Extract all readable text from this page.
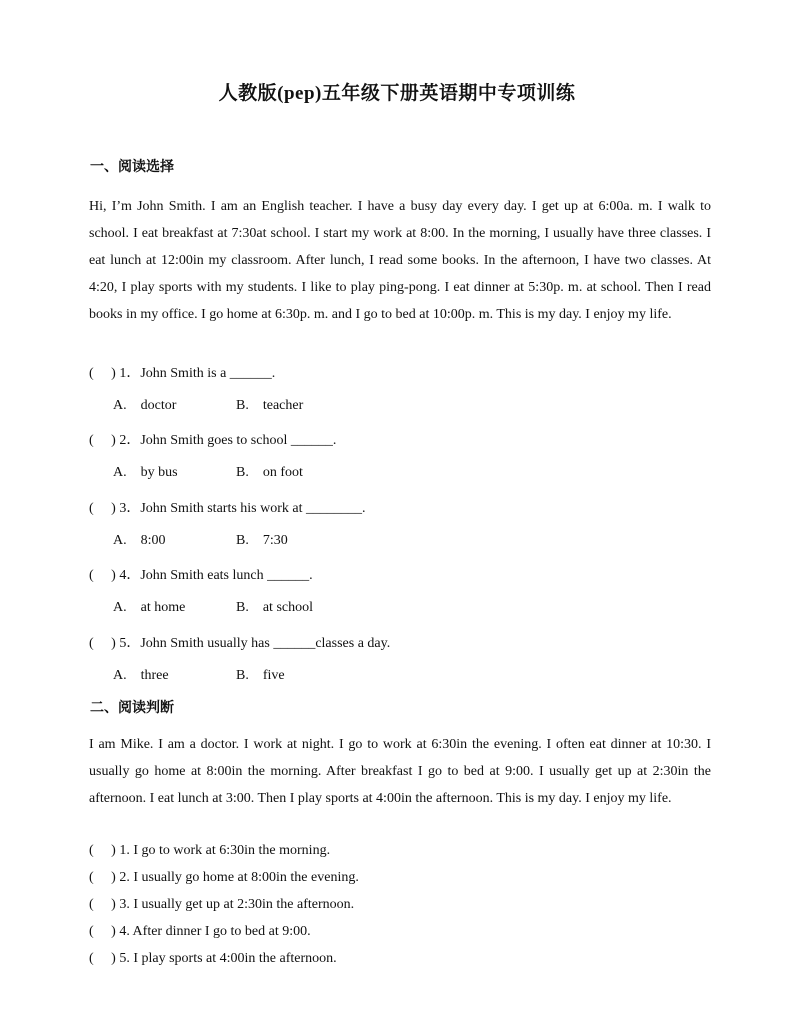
人教版(pep)五年级下册英语期中专项训练
一、阅读选择
Hi, I’m John Smith. I am an English teacher. I have a busy day every day. I get up at 6:00a. m. I walk to school. I eat breakfast at 7:30at school. I start my work at 8:00. In the morning, I usually have three classes. I eat lunch at 12:00in my classroom. After lunch, I read some books. In the afternoon, I have two classes. At 4:20, I play sports with my students. I like to play ping-pong. I eat dinner at 5:30p. m. at school. Then I read books in my office. I go home at 6:30p. m. and I go to bed at 10:00p. m. This is my day. I enjoy my life.
(     ) 1．John Smith is a ______.
A.    doctor	B.    teacher
(     ) 2．John Smith goes to school ______.
A.    by bus	B.    on foot
(     ) 3．John Smith starts his work at ________.
A.    8:00	B.    7:30
(     ) 4．John Smith eats lunch ______.
A.    at home	B.    at school
(     ) 5．John Smith usually has ______classes a day.
A.    three	B.    five
二、阅读判断
I am Mike. I am a doctor. I work at night. I go to work at 6:30in the evening. I often eat dinner at 10:30. I usually go home at 8:00in the morning. After breakfast I go to bed at 9:00. I usually get up at 2:30in the afternoon. I eat lunch at 3:00. Then I play sports at 4:00in the afternoon. This is my day. I enjoy my life.
(     ) 1. I go to work at 6:30in the morning.
(     ) 2. I usually go home at 8:00in the evening.
(     ) 3. I usually get up at 2:30in the afternoon.
(     ) 4. After dinner I go to bed at 9:00.
(     ) 5. I play sports at 4:00in the afternoon.
